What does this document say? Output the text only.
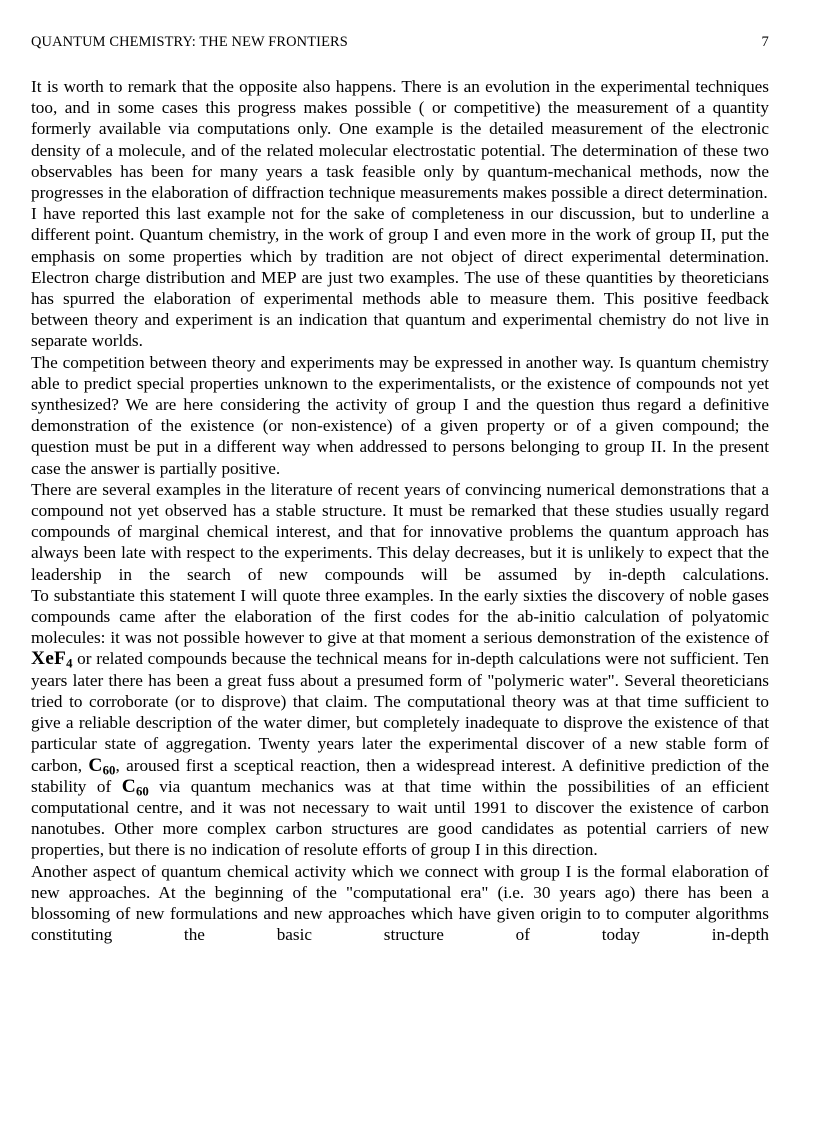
QUANTUM CHEMISTRY: THE NEW FRONTIERS	7

It is worth to remark that the opposite also happens. There is an evolution in the experimental techniques too, and in some cases this progress makes possible ( or competitive) the measurement of a quantity formerly available via computations only. One example is the detailed measurement of the electronic density of a molecule, and of the related molecular electrostatic potential. The determination of these two observables has been for many years a task feasible only by quantum-mechanical methods, now the progresses in the elaboration of diffraction technique measurements makes possible a direct determination.

I have reported this last example not for the sake of completeness in our discussion, but to underline a different point. Quantum chemistry, in the work of group I and even more in the work of group II, put the emphasis on some properties which by tradition are not object of direct experimental determination. Electron charge distribution and MEP are just two examples. The use of these quantities by theoreticians has spurred the elaboration of experimental methods able to measure them. This positive feedback between theory and experiment is an indication that quantum and experimental chemistry do not live in separate worlds.

The competition between theory and experiments may be expressed in another way. Is quantum chemistry able to predict special properties unknown to the experimentalists, or the existence of compounds not yet synthesized? We are here considering the activity of group I and the question thus regard a definitive demonstration of the existence (or non-existence) of a given property or of a given compound; the question must be put in a different way when addressed to persons belonging to group II. In the present case the answer is partially positive.

There are several examples in the literature of recent years of convincing numerical demonstrations that a compound not yet observed has a stable structure. It must be remarked that these studies usually regard compounds of marginal chemical interest, and that for innovative problems the quantum approach has always been late with respect to the experiments. This delay decreases, but it is unlikely to expect that the leadership in the search of new compounds will be assumed by in-depth calculations.

To substantiate this statement I will quote three examples. In the early sixties the discovery of noble gases compounds came after the elaboration of the first codes for the ab-initio calculation of polyatomic molecules: it was not possible however to give at that moment a serious demonstration of the existence of XeF$_4$ or related compounds because the technical means for in-depth calculations were not sufficient. Ten years later there has been a great fuss about a presumed form of "polymeric water". Several theoreticians tried to corroborate (or to disprove) that claim. The computational theory was at that time sufficient to give a reliable description of the water dimer, but completely inadequate to disprove the existence of that particular state of aggregation. Twenty years later the experimental discover of a new stable form of carbon, $C_{60}$, aroused first a sceptical reaction, then a widespread interest. A definitive prediction of the stability of $C_{60}$ via quantum mechanics was at that time within the possibilities of an efficient computational centre, and it was not necessary to wait until 1991 to discover the existence of carbon nanotubes. Other more complex carbon structures are good candidates as potential carriers of new properties, but there is no indication of resolute efforts of group I in this direction.

Another aspect of quantum chemical activity which we connect with group I is the formal elaboration of new approaches. At the beginning of the "computational era" (i.e. 30 years ago) there has been a blossoming of new formulations and new approaches which have given origin to to computer algorithms constituting the basic structure of today in-depth
